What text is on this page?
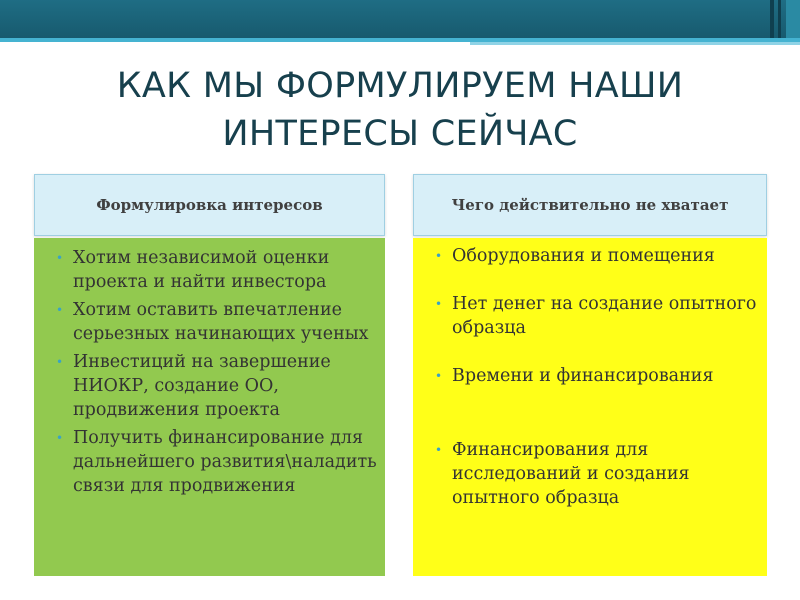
КАК МЫ ФОРМУЛИРУЕМ НАШИ
ИНТЕРЕСЫ СЕЙЧАС
Формулировка интересов	Чего действительно не хватает
• Хотим независимой оценки проекта и найти инвестора
• Хотим оставить впечатление серьезных начинающих ученых
• Инвестиций на завершение НИОКР, создание ОО, продвижения проекта
• Получить финансирование для дальнейшего развития\наладить связи для продвижения
• Оборудования и помещения
• Нет денег на создание опытного образца
• Времени и финансирования
• Финансирования для исследований и создания опытного образца
